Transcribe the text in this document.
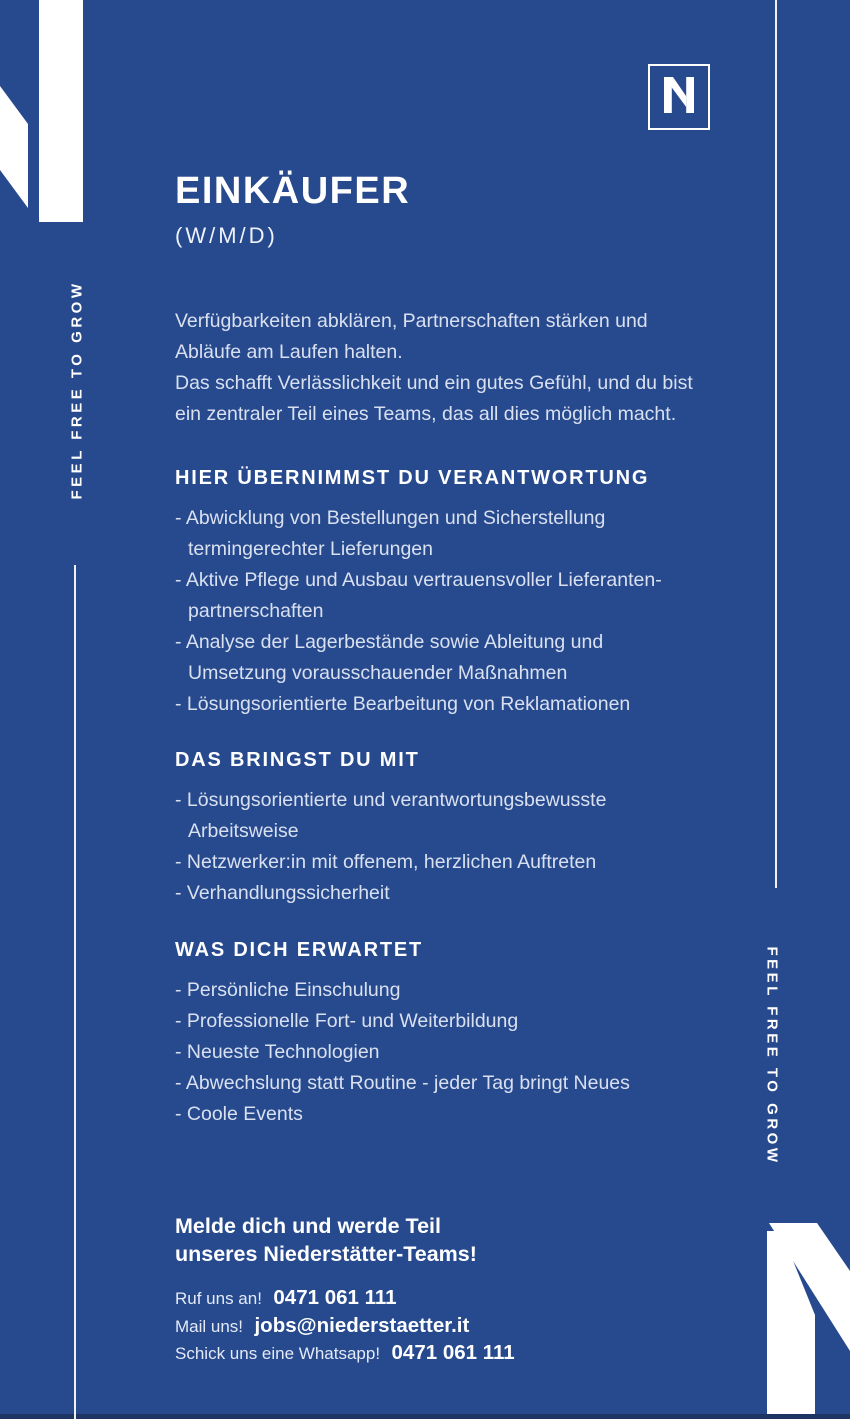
FEEL FREE TO GROW
FEEL FREE TO GROW
EINKÄUFER
(W/M/D)
Verfügbarkeiten abklären, Partnerschaften stärken und
Abläufe am Laufen halten.
Das schafft Verlässlichkeit und ein gutes Gefühl, und du bist
ein zentraler Teil eines Teams, das all dies möglich macht.
HIER ÜBERNIMMST DU VERANTWORTUNG
- Abwicklung von Bestellungen und Sicherstellung
termingerechter Lieferungen
- Aktive Pflege und Ausbau vertrauensvoller Lieferanten-
partnerschaften
- Analyse der Lagerbestände sowie Ableitung und
Umsetzung vorausschauender Maßnahmen
- Lösungsorientierte Bearbeitung von Reklamationen
DAS BRINGST DU MIT
- Lösungsorientierte und verantwortungsbewusste
Arbeitsweise
- Netzwerker:in mit offenem, herzlichen Auftreten
- Verhandlungssicherheit
WAS DICH ERWARTET
- Persönliche Einschulung
- Professionelle Fort- und Weiterbildung
- Neueste Technologien
- Abwechslung statt Routine - jeder Tag bringt Neues
- Coole Events
Melde dich und werde Teil
unseres Niederstätter-Teams!
Ruf uns an! 0471 061 111
Mail uns! jobs@niederstaetter.it
Schick uns eine Whatsapp! 0471 061 111
